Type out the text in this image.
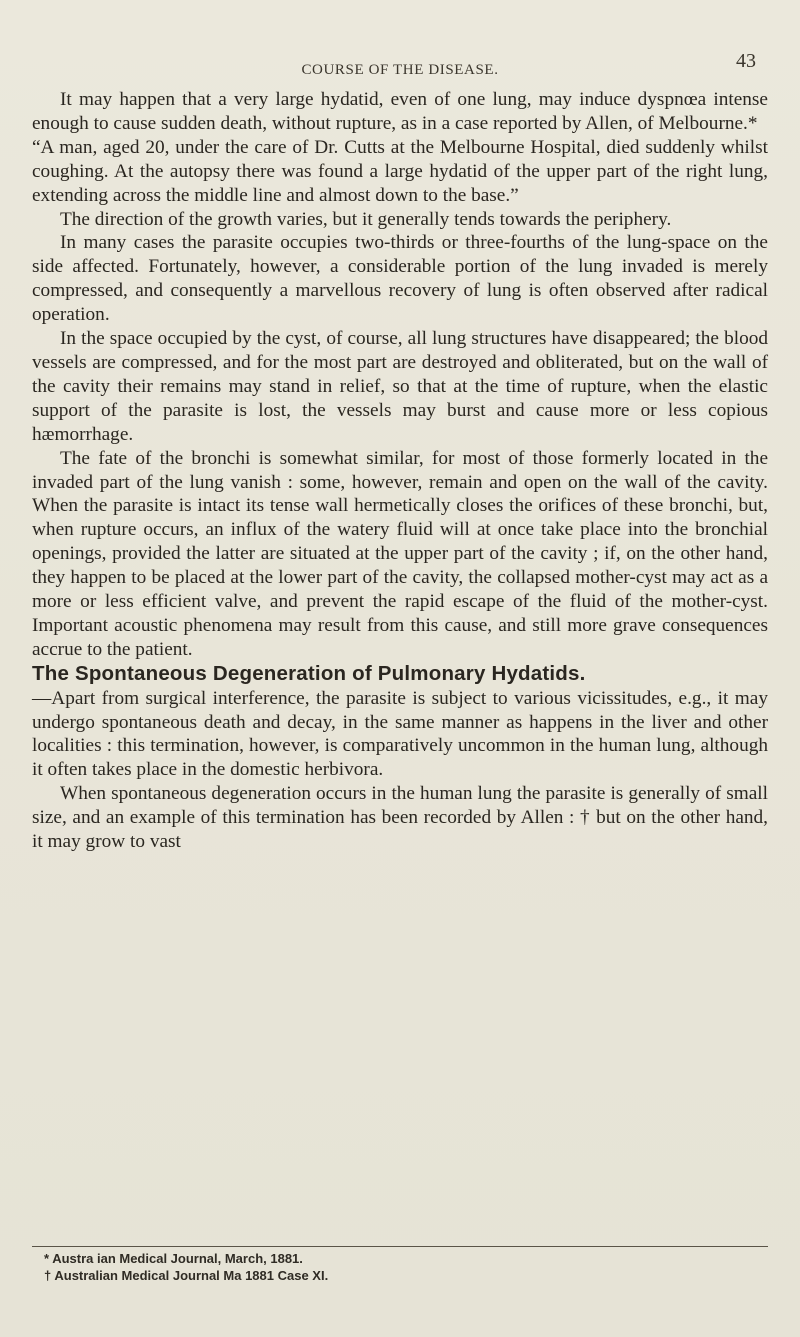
COURSE OF THE DISEASE.	43

It may happen that a very large hydatid, even of one lung, may induce dyspnœa intense enough to cause sudden death, without rupture, as in a case reported by Allen, of Melbourne.*

“A man, aged 20, under the care of Dr. Cutts at the Melbourne Hospital, died suddenly whilst coughing. At the autopsy there was found a large hydatid of the upper part of the right lung, extending across the middle line and almost down to the base.”

The direction of the growth varies, but it generally tends towards the periphery.

In many cases the parasite occupies two-thirds or three-fourths of the lung-space on the side affected. Fortunately, however, a considerable portion of the lung invaded is merely compressed, and consequently a marvellous recovery of lung is often observed after radical operation.

In the space occupied by the cyst, of course, all lung structures have disappeared; the blood vessels are compressed, and for the most part are destroyed and obliterated, but on the wall of the cavity their remains may stand in relief, so that at the time of rupture, when the elastic support of the parasite is lost, the vessels may burst and cause more or less copious hæmorrhage.

The fate of the bronchi is somewhat similar, for most of those formerly located in the invaded part of the lung vanish : some, however, remain and open on the wall of the cavity. When the parasite is intact its tense wall hermetically closes the orifices of these bronchi, but, when rupture occurs, an influx of the watery fluid will at once take place into the bronchial openings, provided the latter are situated at the upper part of the cavity ; if, on the other hand, they happen to be placed at the lower part of the cavity, the collapsed mother-cyst may act as a more or less efficient valve, and prevent the rapid escape of the fluid of the mother-cyst. Important acoustic phenomena may result from this cause, and still more grave consequences accrue to the patient.

The Spontaneous Degeneration of Pulmonary Hydatids.
—Apart from surgical interference, the parasite is subject to various vicissitudes, e.g., it may undergo spontaneous death and decay, in the same manner as happens in the liver and other localities : this termination, however, is comparatively uncommon in the human lung, although it often takes place in the domestic herbivora.

When spontaneous degeneration occurs in the human lung the parasite is generally of small size, and an example of this termination has been recorded by Allen : † but on the other hand, it may grow to vast

* Austra ian Medical Journal, March, 1881.
† Australian Medical Journal Ma 1881 Case XI.
